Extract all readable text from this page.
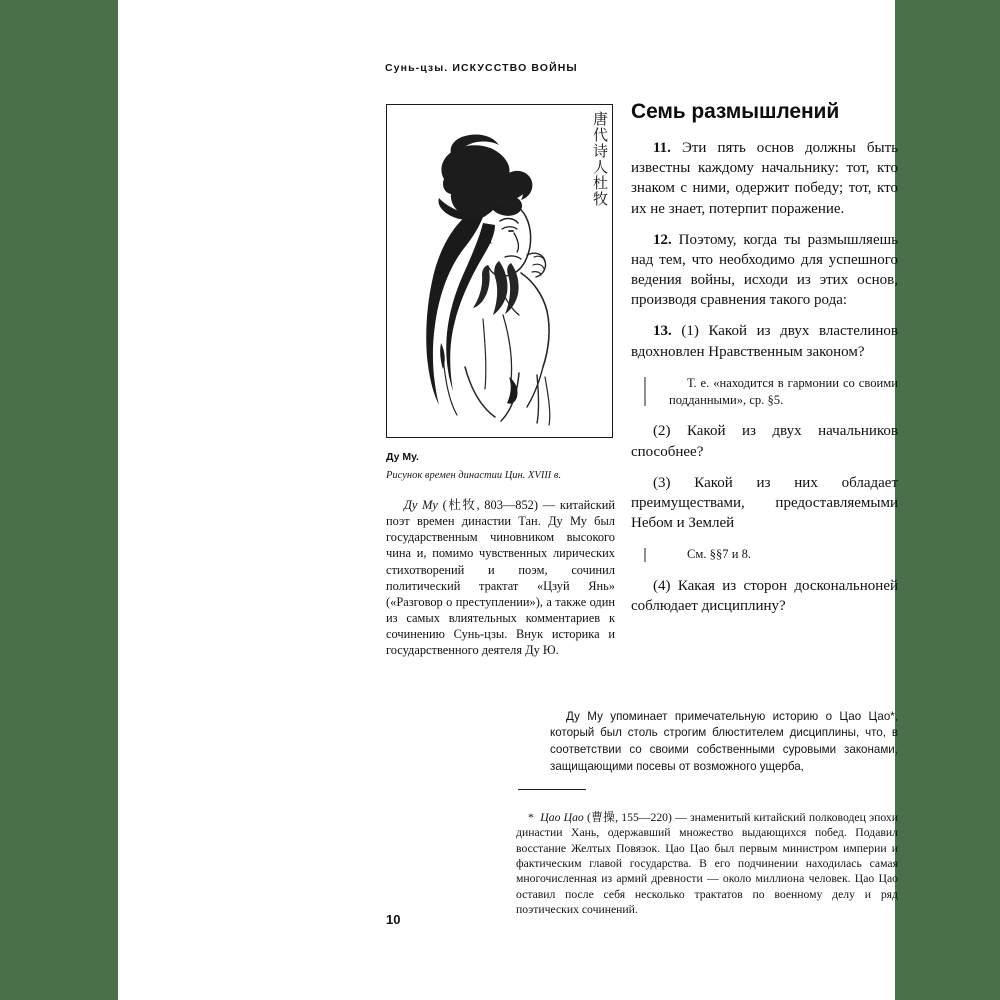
Сунь-цзы. ИСКУССТВО ВОЙНЫ
唐代诗人杜牧
Ду Му.
Рисунок времен династии Цин. XVIII в.

Ду Му (杜牧, 803—852) — китайский поэт времен династии Тан. Ду Му был государственным чиновником высокого чина и, помимо чувственных лирических стихотворений и поэм, сочинил политический трактат «Цзуй Янь» («Разговор о преступлении»), а также один из самых влиятельных комментариев к сочинению Сунь-цзы. Внук историка и государственного деятеля Ду Ю.

Семь размышлений

11. Эти пять основ должны быть известны каждому начальнику: тот, кто знаком с ними, одержит победу; тот, кто их не знает, потерпит поражение.

12. Поэтому, когда ты размышляешь над тем, что необходимо для успешного ведения войны, исходи из этих основ, производя сравнения такого рода:

13. (1) Какой из двух властелинов вдохновлен Нравственным законом?

Т. е. «находится в гармонии со своими подданными», ср. §5.

(2) Какой из двух начальников способнее?

(3) Какой из них обладает преимуществами, предоставляемыми Небом и Землей

См. §§7 и 8.

(4) Какая из сторон доскональноней соблюдает дисциплину?

Ду Му упоминает примечательную историю о Цао Цао*, который был столь строгим блюстителем дисциплины, что, в соответствии со своими собственными суровыми законами, защищающими посевы от возможного ущерба,

* Цао Цао (曹操, 155—220) — знаменитый китайский полководец эпохи династии Хань, одержавший множество выдающихся побед. Подавил восстание Желтых Повязок. Цао Цао был первым министром империи и фактическим главой государства. В его подчинении находилась самая многочисленная из армий древности — около миллиона человек. Цао Цао оставил после себя несколько трактатов по военному делу и ряд поэтических сочинений.

10
